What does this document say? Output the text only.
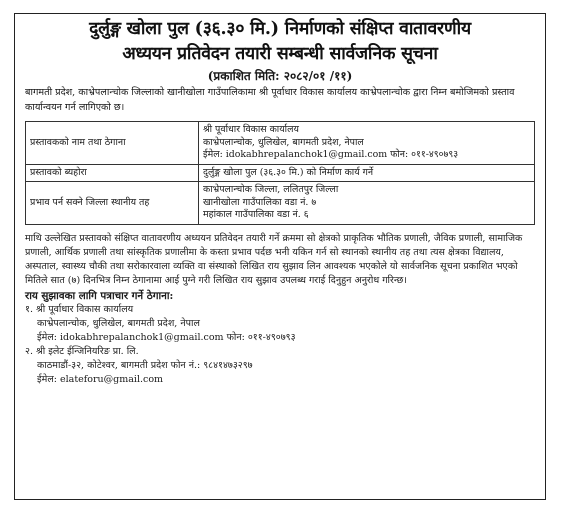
दुर्लुङ्ग खोला पुल (३६.३० मि.) निर्माणको संक्षिप्त वातावरणीय
अध्ययन प्रतिवेदन तयारी सम्बन्धी सार्वजनिक सूचना
(प्रकाशित मिति: २०८२/०१ /११)
बागमती प्रदेश, काभ्रेपलान्चोक जिल्लाको खानीखोला गाउँपालिकामा श्री पूर्वाधार विकास कार्यालय काभ्रेपलान्चोक द्वारा निम्न बमोजिमको प्रस्ताव कार्यान्वयन गर्न लागिएको छ।
प्रस्तावकको नाम तथा ठेगाना	श्री पूर्वाधार विकास कार्यालय
काभ्रेपलान्चोक, धुलिखेल, बागमती प्रदेश, नेपाल
ईमेल: idokabhrepalanchok1@gmail.com फोन: ०११-४९०७९३

प्रस्तावको ब्यहोरा	दुर्लुङ्ग खोला पुल (३६.३० मि.) को निर्माण कार्य गर्ने

प्रभाव पर्न सक्ने जिल्ला स्थानीय तह	काभ्रेपलान्चोक जिल्ला, ललितपुर जिल्ला
खानीखोला गाउँपालिका वडा नं. ७
महांकाल गाउँपालिका वडा नं. ६
माथि उल्लेखित प्रस्तावको संक्षिप्त वातावरणीय अध्ययन प्रतिवेदन तयारी गर्ने क्रममा सो क्षेत्रको प्राकृतिक भौतिक प्रणाली, जैविक प्रणाली, सामाजिक प्रणाली, आर्थिक प्रणाली तथा सांस्कृतिक प्रणालीमा के कस्ता प्रभाव पर्दछ भनी यकिन गर्न सो स्थानको स्थानीय तह तथा त्यस क्षेत्रका विद्यालय, अस्पताल, स्वास्थ्य चौकी तथा सरोकारवाला व्यक्ति वा संस्थाको लिखित राय सुझाव लिन आवश्यक भएकोले यो सार्वजनिक सूचना प्रकाशित भएको मितिले सात (७) दिनभित्र निम्न ठेगानामा आई पुग्ने गरी लिखित राय सुझाव उपलब्ध गराई दिनुहुन अनुरोध गरिन्छ।
राय सुझावका लागि पत्राचार गर्ने ठेगाना:
१. श्री पूर्वाधार विकास कार्यालय
काभ्रेपलान्चोक, धुलिखेल, बागमती प्रदेश, नेपाल
ईमेल: idokabhrepalanchok1@gmail.com फोन: ०११-४९०७९३
२. श्री इलेट ईन्जिनियरिङ प्रा. लि.
काठमाडौं-३२, कोटेश्वर, बागमती प्रदेश फोन नं.: ९८४१४७३२९७
ईमेल: elateforu@gmail.com
